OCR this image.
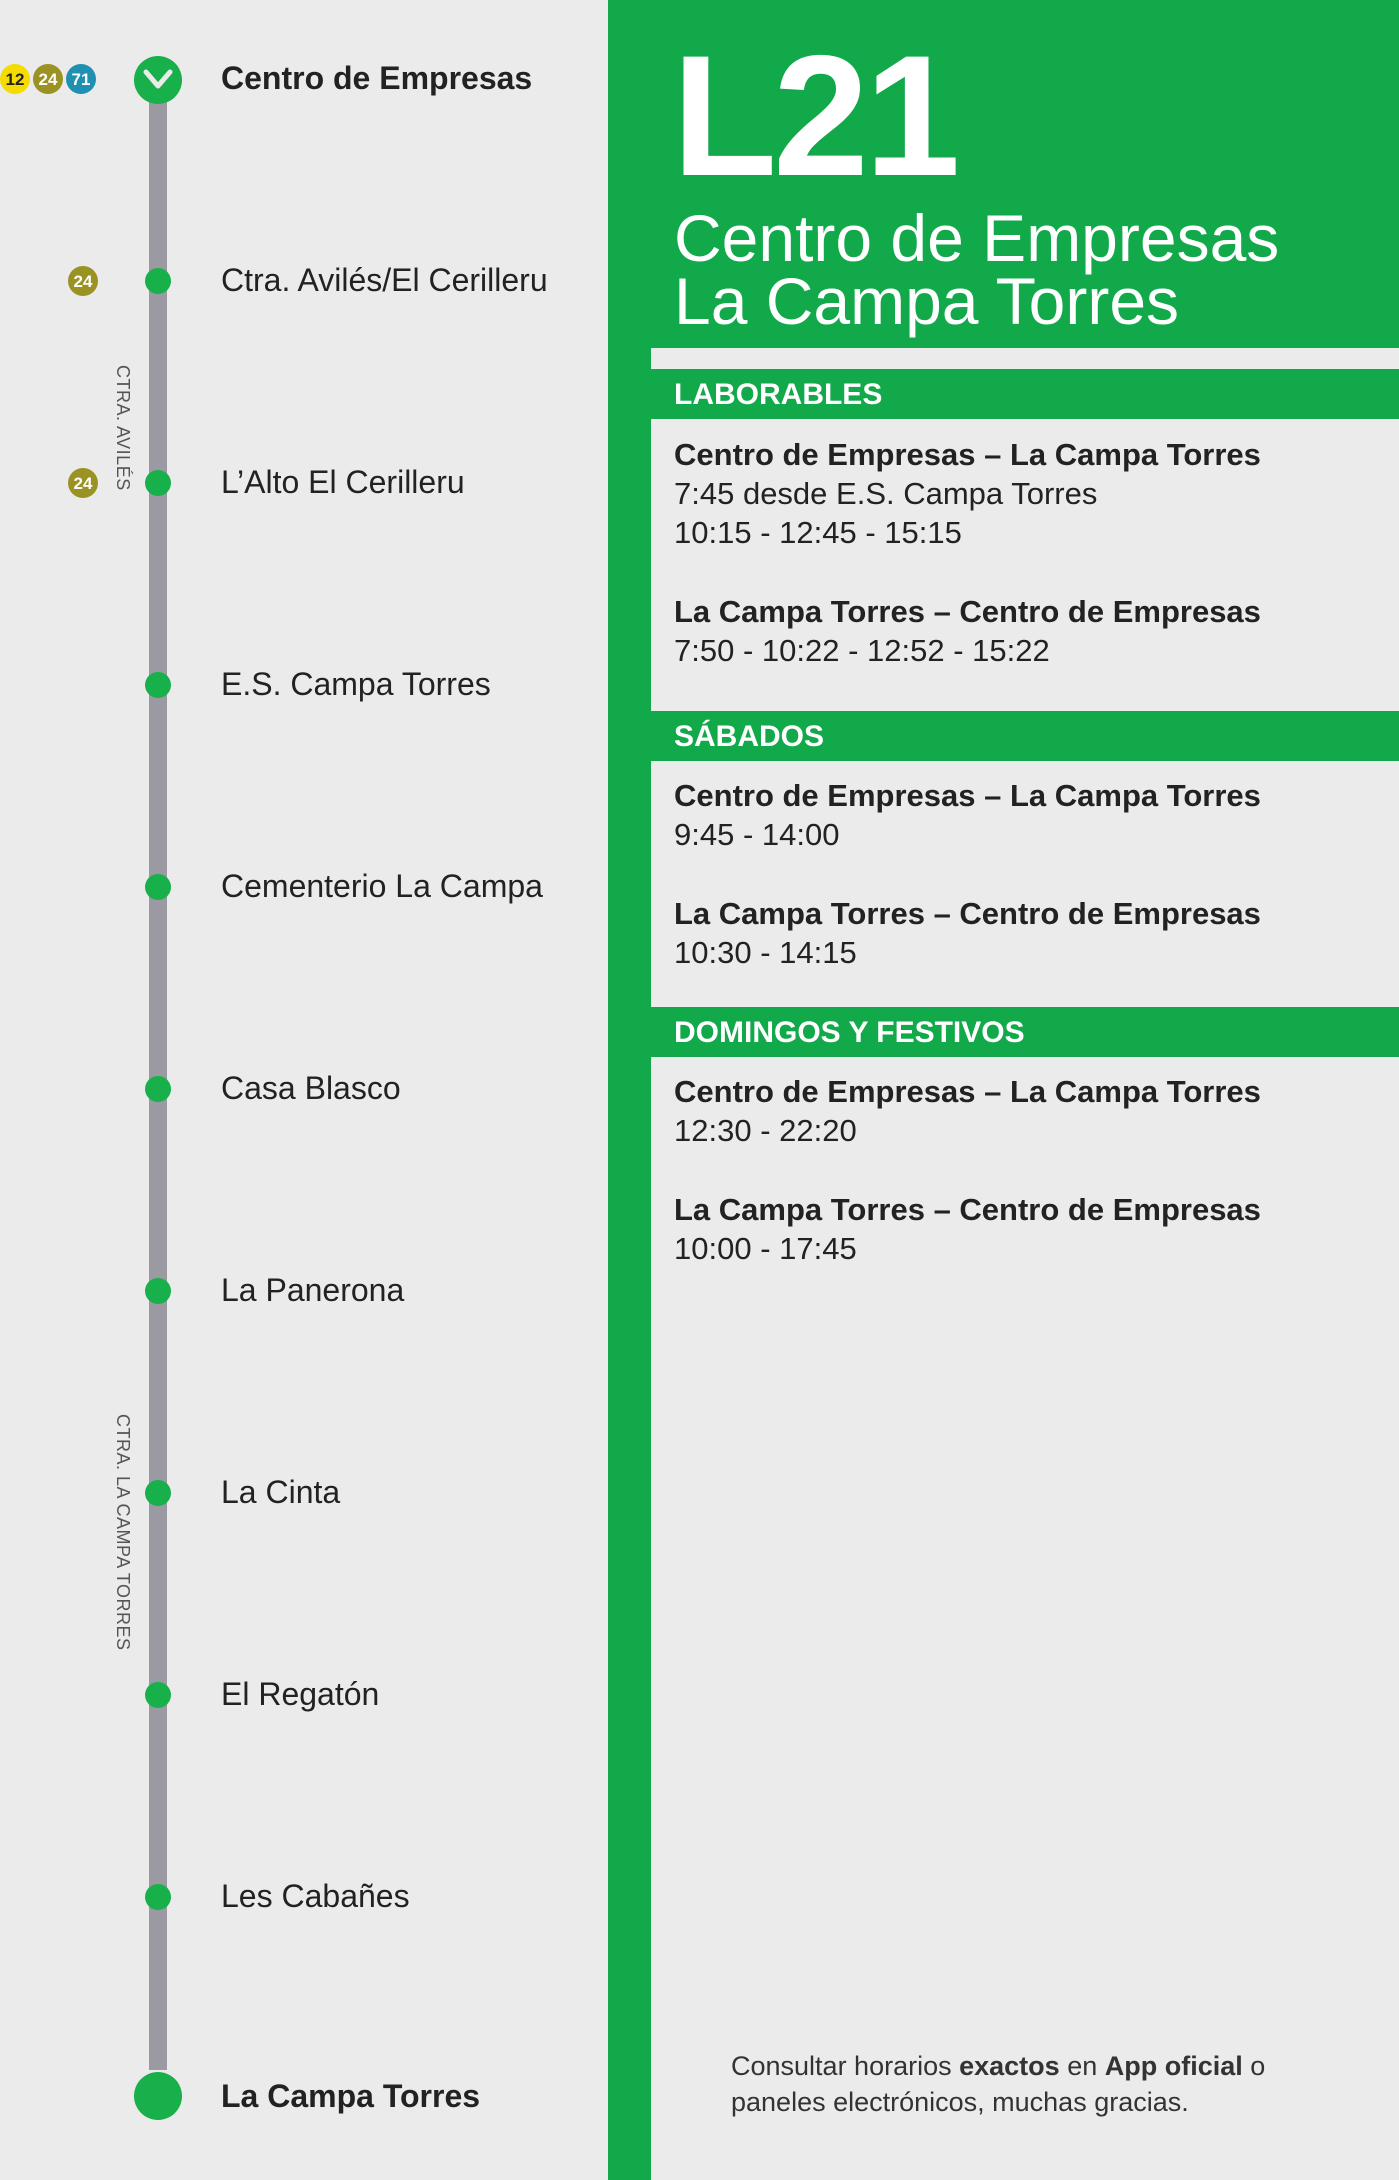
CTRA. AVILÉS
CTRA. LA CAMPA TORRES
12 24 71
24
24
Centro de Empresas
Ctra. Avilés/El Cerilleru
L’Alto El Cerilleru
E.S. Campa Torres
Cementerio La Campa
Casa Blasco
La Panerona
La Cinta
El Regatón
Les Cabañes
La Campa Torres
L21
Centro de Empresas
La Campa Torres
LABORABLES
Centro de Empresas – La Campa Torres
7:45 desde E.S. Campa Torres
10:15 - 12:45 - 15:15
La Campa Torres – Centro de Empresas
7:50 - 10:22 - 12:52 - 15:22
SÁBADOS
Centro de Empresas – La Campa Torres
9:45 - 14:00
La Campa Torres – Centro de Empresas
10:30 - 14:15
DOMINGOS Y FESTIVOS
Centro de Empresas – La Campa Torres
12:30 - 22:20
La Campa Torres – Centro de Empresas
10:00 - 17:45
Consultar horarios exactos en App oficial o paneles electrónicos, muchas gracias.
